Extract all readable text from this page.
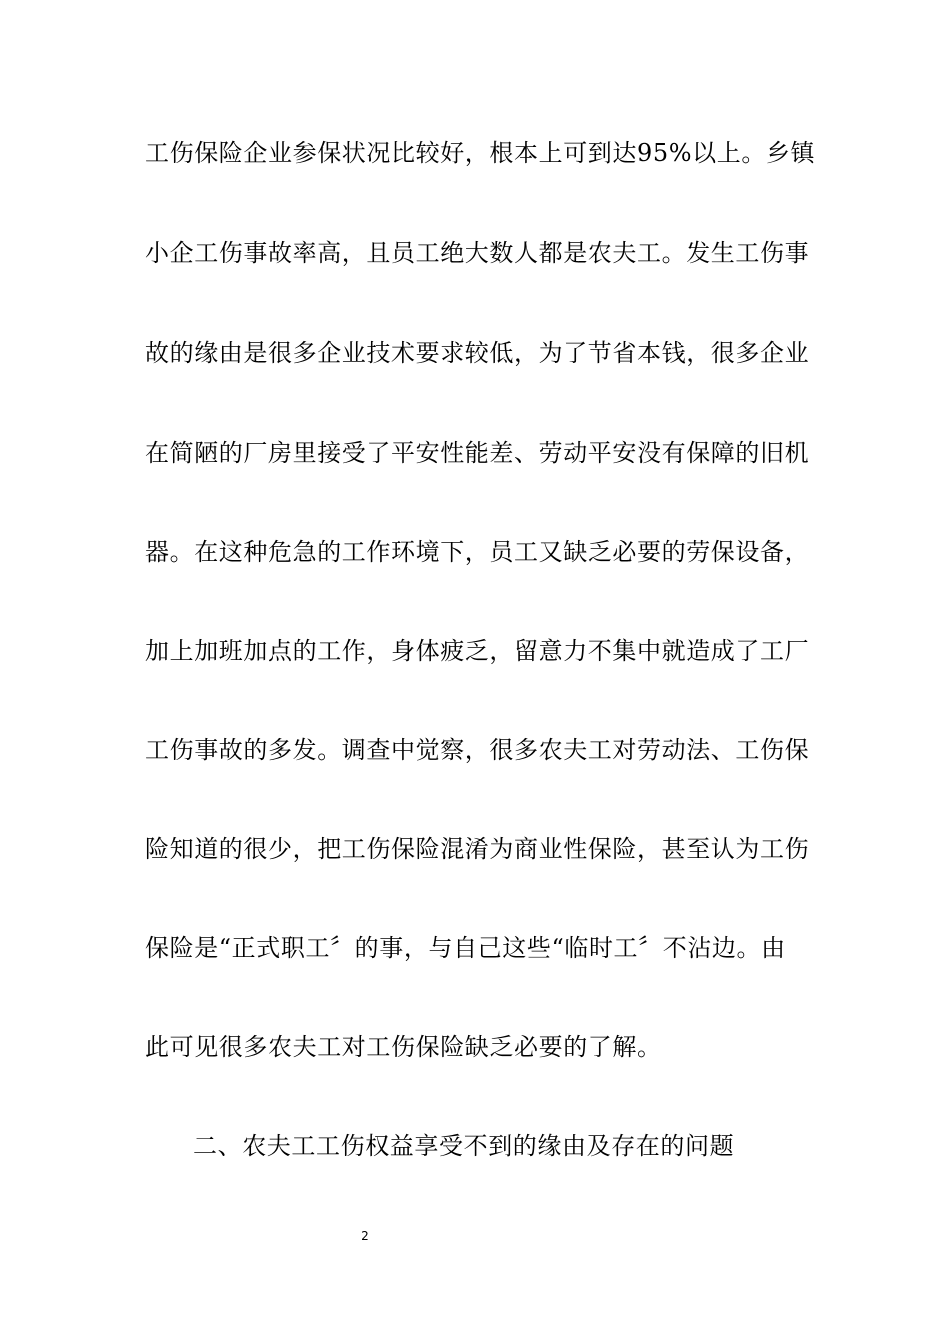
工伤保险企业参保状况比较好，根本上可到达95%以上。乡镇
小企工伤事故率高，且员工绝大数人都是农夫工。发生工伤事
故的缘由是很多企业技术要求较低，为了节省本钱，很多企业
在简陋的厂房里接受了平安性能差、劳动平安没有保障的旧机
器。在这种危急的工作环境下，员工又缺乏必要的劳保设备，
加上加班加点的工作，身体疲乏，留意力不集中就造成了工厂
工伤事故的多发。调查中觉察，很多农夫工对劳动法、工伤保
险知道的很少，把工伤保险混淆为商业性保险，甚至认为工伤
保险是“正式职工〞的事，与自己这些“临时工〞不沾边。由
此可见很多农夫工对工伤保险缺乏必要的了解。
二、农夫工工伤权益享受不到的缘由及存在的问题
2
